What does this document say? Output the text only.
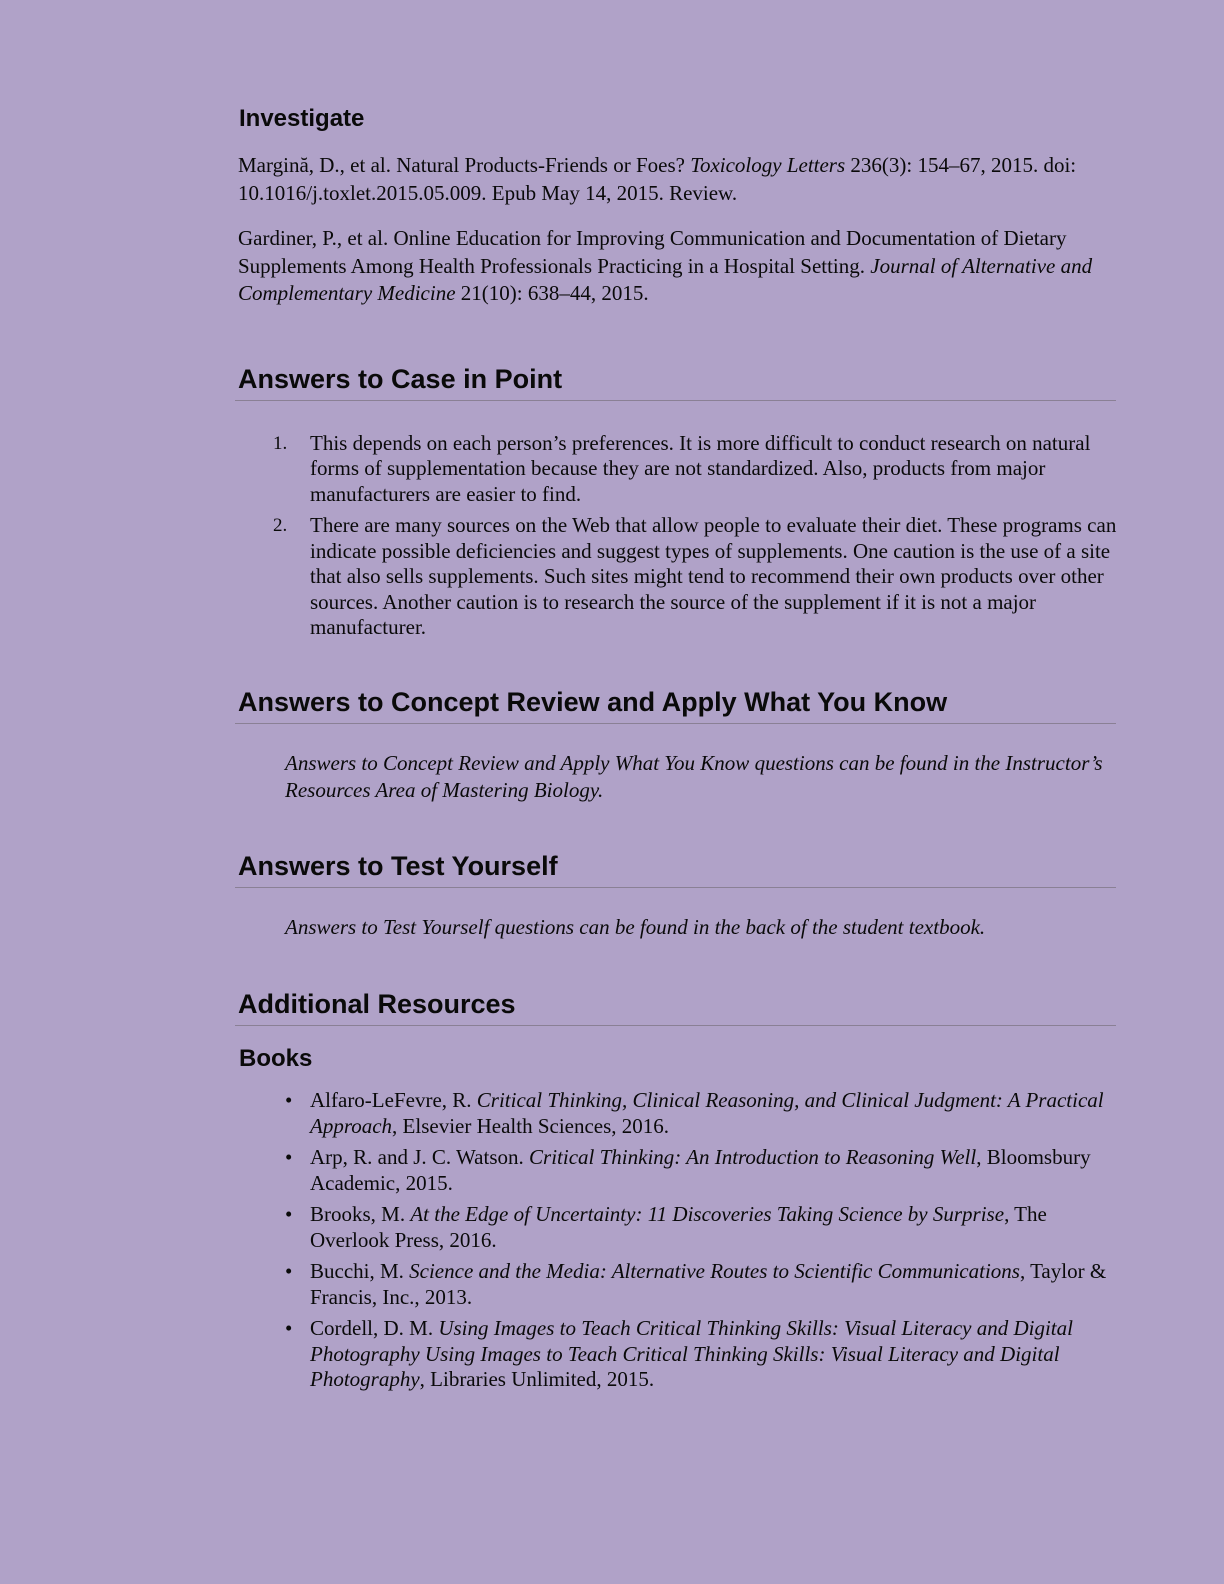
Investigate

Margină, D., et al. Natural Products-Friends or Foes? Toxicology Letters 236(3): 154–67, 2015. doi: 10.1016/j.toxlet.2015.05.009. Epub May 14, 2015. Review.

Gardiner, P., et al. Online Education for Improving Communication and Documentation of Dietary Supplements Among Health Professionals Practicing in a Hospital Setting. Journal of Alternative and Complementary Medicine 21(10): 638–44, 2015.

Answers to Case in Point
1. This depends on each person’s preferences. It is more difficult to conduct research on natural forms of supplementation because they are not standardized. Also, products from major manufacturers are easier to find.
2. There are many sources on the Web that allow people to evaluate their diet. These programs can indicate possible deficiencies and suggest types of supplements. One caution is the use of a site that also sells supplements. Such sites might tend to recommend their own products over other sources. Another caution is to research the source of the supplement if it is not a major manufacturer.
Answers to Concept Review and Apply What You Know

Answers to Concept Review and Apply What You Know questions can be found in the Instructor’s Resources Area of Mastering Biology.

Answers to Test Yourself

Answers to Test Yourself questions can be found in the back of the student textbook.

Additional Resources
Books
• Alfaro-LeFevre, R. Critical Thinking, Clinical Reasoning, and Clinical Judgment: A Practical Approach, Elsevier Health Sciences, 2016.
• Arp, R. and J. C. Watson. Critical Thinking: An Introduction to Reasoning Well, Bloomsbury Academic, 2015.
• Brooks, M. At the Edge of Uncertainty: 11 Discoveries Taking Science by Surprise, The Overlook Press, 2016.
• Bucchi, M. Science and the Media: Alternative Routes to Scientific Communications, Taylor & Francis, Inc., 2013.
• Cordell, D. M. Using Images to Teach Critical Thinking Skills: Visual Literacy and Digital Photography Using Images to Teach Critical Thinking Skills: Visual Literacy and Digital Photography, Libraries Unlimited, 2015.
